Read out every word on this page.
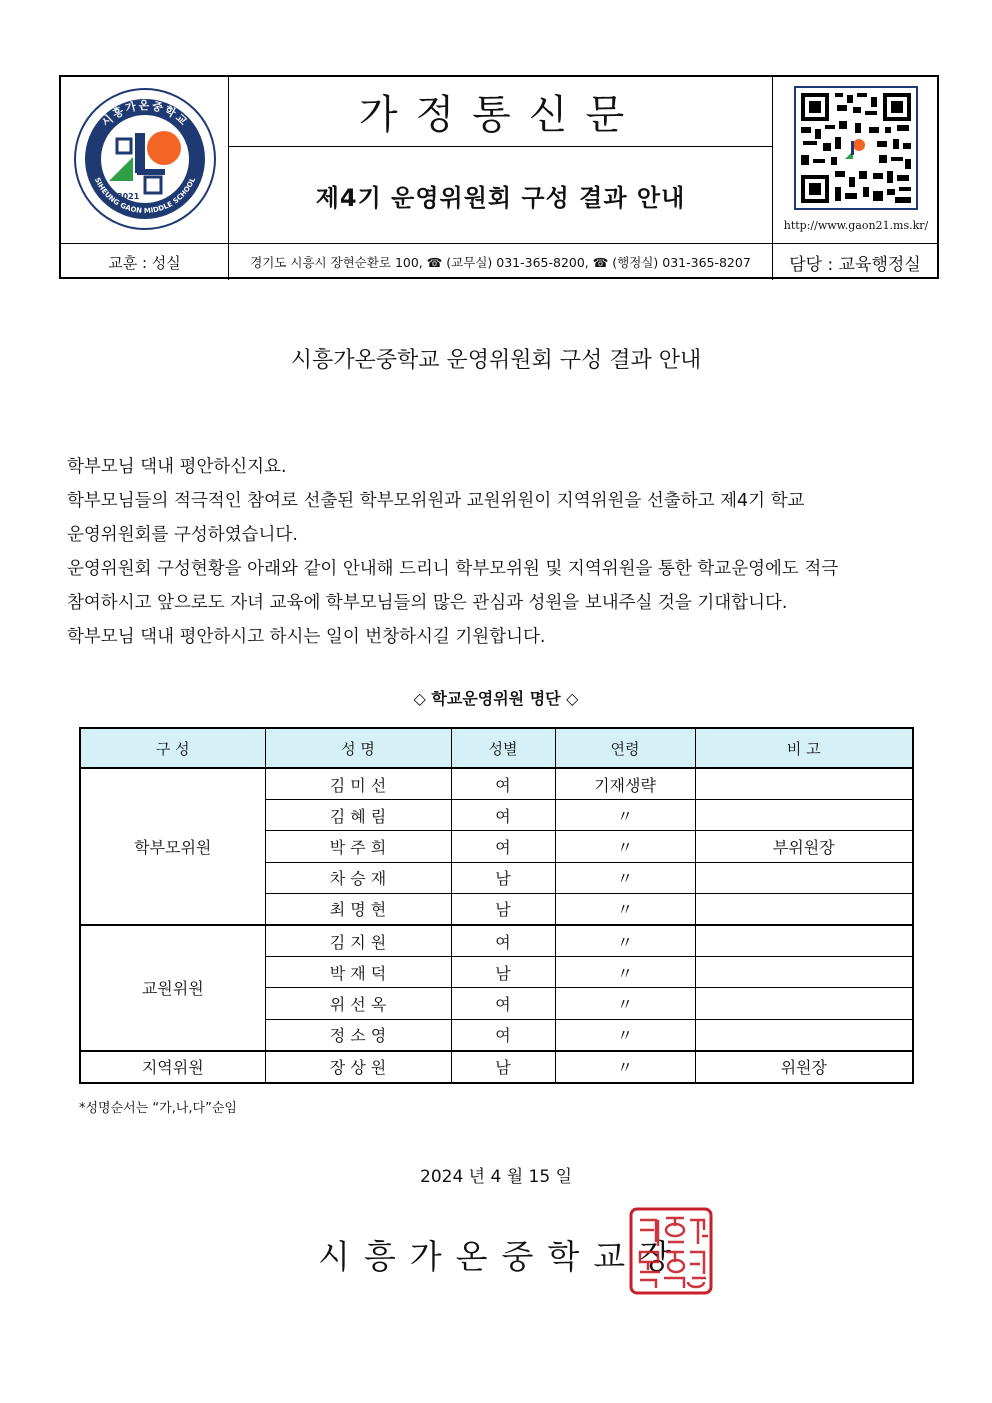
2021
시흥가온중학교
SIHEUNG GAON MIDDLE SCHOOL
가정통신문
제4기 운영위원회 구성 결과 안내
http://www.gaon21.ms.kr/
교훈 : 성실	경기도 시흥시 장현순환로 100, ☎ (교무실) 031-365-8200, ☎ (행정실) 031-365-8207	담당 : 교육행정실
시흥가온중학교 운영위원회 구성 결과 안내

학부모님 댁내 평안하신지요.

학부모님들의 적극적인 참여로 선출된 학부모위원과 교원위원이 지역위원을 선출하고 제4기 학교

운영위원회를 구성하였습니다.

운영위원회 구성현황을 아래와 같이 안내해 드리니 학부모위원 및 지역위원을 통한 학교운영에도 적극

참여하시고 앞으로도 자녀 교육에 학부모님들의 많은 관심과 성원을 보내주실 것을 기대합니다.

학부모님 댁내 평안하시고 하시는 일이 번창하시길 기원합니다.

◇ 학교운영위원 명단 ◇
구 성	성 명	성별	연령	비 고
학부모위원	김 미 선	여	기재생략	
	김 혜 림	여	〃	
	박 주 희	여	〃	부위원장
	차 승 재	남	〃	
	최 명 현	남	〃	
교원위원	김 지 원	여	〃	
	박 재 덕	남	〃	
	위 선 옥	여	〃	
	정 소 영	여	〃	
지역위원	장 상 원	남	〃	위원장
*성명순서는 “가,나,다”순임
2024 년 4 월 15 일
시흥가온중학교장
